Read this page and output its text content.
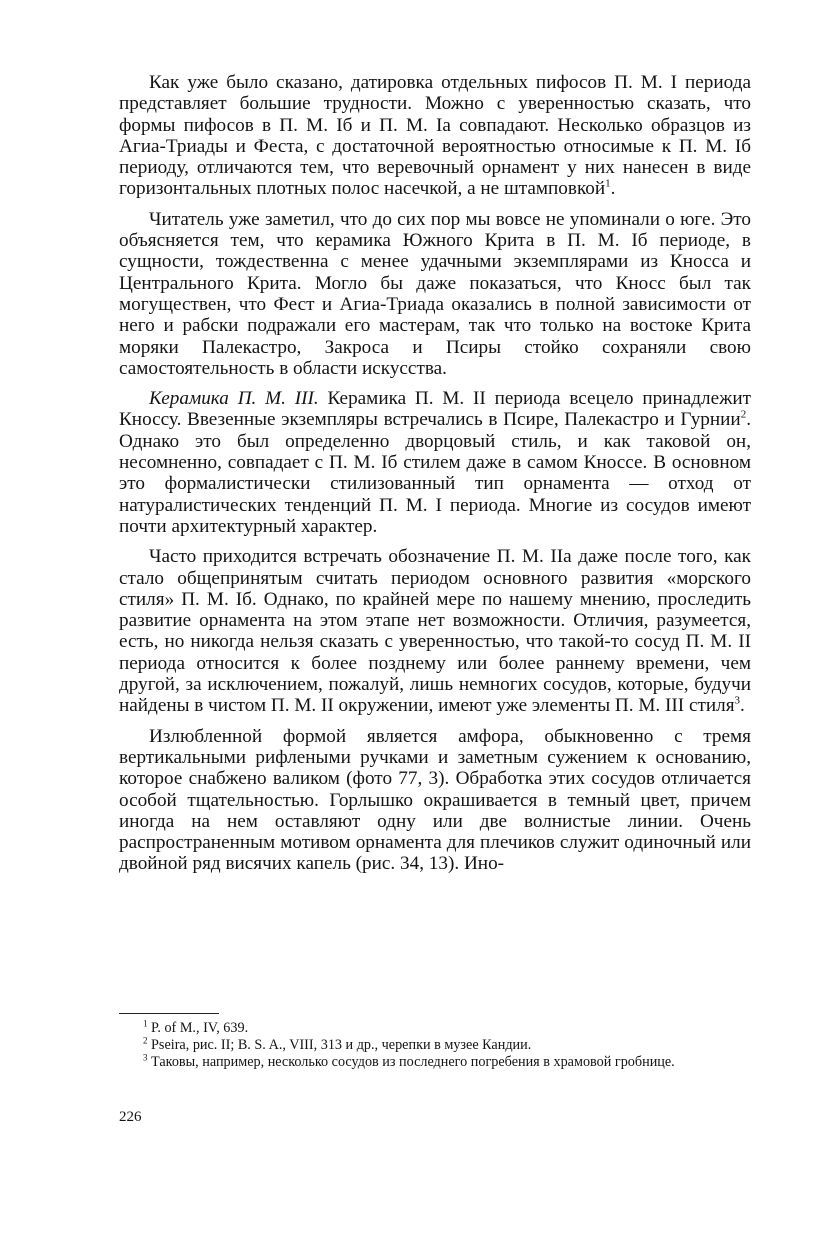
Как уже было сказано, датировка отдельных пифосов П. М. I периода представляет большие трудности. Можно с уверенностью сказать, что формы пифосов в П. М. Iб и П. М. Iа совпадают. Несколько образцов из Агиа-Триады и Феста, с достаточной вероятностью относимые к П. М. Iб периоду, отличаются тем, что веревочный орнамент у них нанесен в виде горизонтальных плотных полос насечкой, а не штамповкой$^1$.

Читатель уже заметил, что до сих пор мы вовсе не упоминали о юге. Это объясняется тем, что керамика Южного Крита в П. М. Iб периоде, в сущности, тождественна с менее удачными экземплярами из Кносса и Центрального Крита. Могло бы даже показаться, что Кносс был так могуществен, что Фест и Агиа-Триада оказались в полной зависимости от него и рабски подражали его мастерам, так что только на востоке Крита моряки Палекастро, Закроса и Псиры стойко сохраняли свою самостоятельность в области искусства.

Керамика П. М. III. Керамика П. М. II периода всецело принадлежит Кноссу. Ввезенные экземпляры встречались в Псире, Палекастро и Гурнии$^2$. Однако это был определенно дворцовый стиль, и как таковой он, несомненно, совпадает с П. М. Iб стилем даже в самом Кноссе. В основном это формалистически стилизованный тип орнамента — отход от натуралистических тенденций П. М. I периода. Многие из сосудов имеют почти архитектурный характер.

Часто приходится встречать обозначение П. М. IIа даже после того, как стало общепринятым считать периодом основного развития «морского стиля» П. М. Iб. Однако, по крайней мере по нашему мнению, проследить развитие орнамента на этом этапе нет возможности. Отличия, разумеется, есть, но никогда нельзя сказать с уверенностью, что такой-то сосуд П. М. II периода относится к более позднему или более раннему времени, чем другой, за исключением, пожалуй, лишь немногих сосудов, которые, будучи найдены в чистом П. М. II окружении, имеют уже элементы П. М. III стиля$^3$.

Излюбленной формой является амфора, обыкновенно с тремя вертикальными рифлеными ручками и заметным сужением к основанию, которое снабжено валиком (фото 77, 3). Обработка этих сосудов отличается особой тщательностью. Горлышко окрашивается в темный цвет, причем иногда на нем оставляют одну или две волнистые линии. Очень распространенным мотивом орнамента для плечиков служит одиночный или двойной ряд висячих капель (рис. 34, 13). Ино-

$^1$ P. of M., IV, 639.
$^2$ Pseira, рис. II; B. S. A., VIII, 313 и др., черепки в музее Кандии.
$^3$ Таковы, например, несколько сосудов из последнего погребения в храмовой гробнице.
226
